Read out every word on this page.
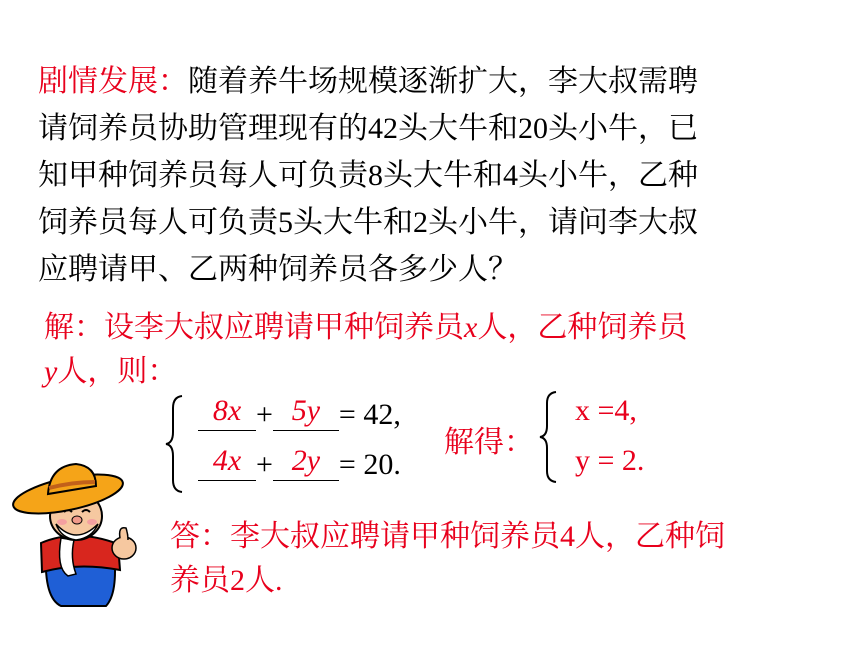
剧情发展：随着养牛场规模逐渐扩大，李大叔需聘
请饲养员协助管理现有的42头大牛和20头小牛，已
知甲种饲养员每人可负责8头大牛和4头小牛，乙种
饲养员每人可负责5头大牛和2头小牛，请问李大叔
应聘请甲、乙两种饲养员各多少人？
解：设李大叔应聘请甲种饲养员x人，乙种饲养员
y人，则：
8x + 5y = 42,
4x + 2y = 20.
解得：
x =4,
y = 2.
答：李大叔应聘请甲种饲养员4人，乙种饲
养员2人.
